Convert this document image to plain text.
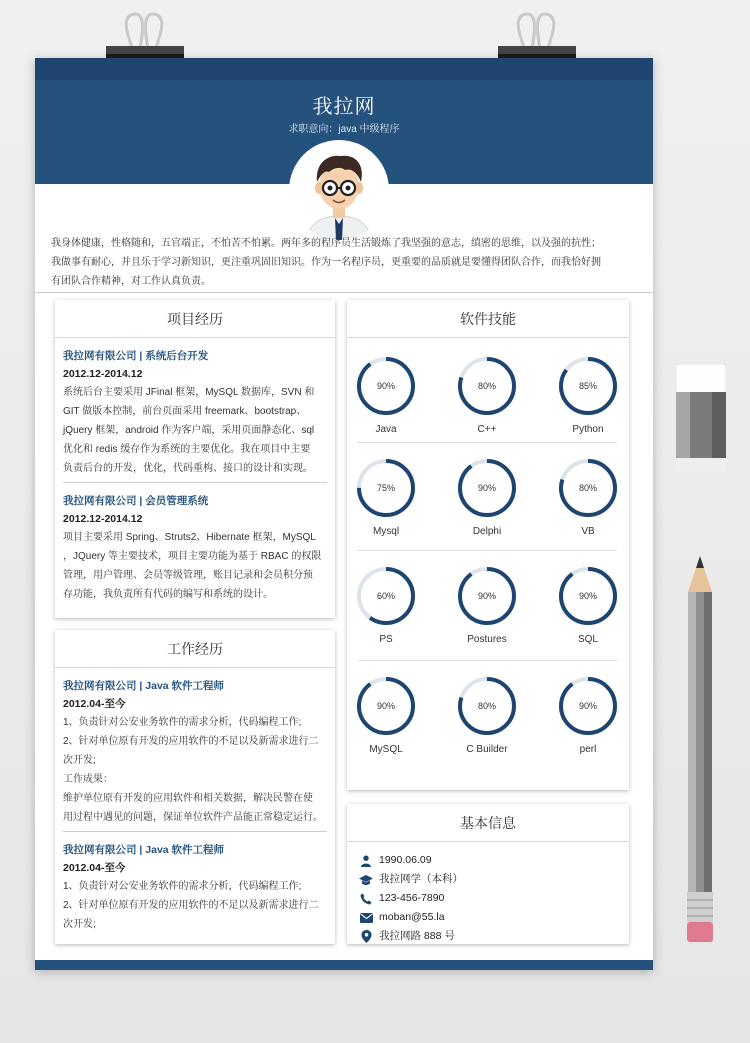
我拉网
求职意向：java 中级程序
我身体健康，性格随和，五官端正，不怕苦不怕累。两年多的程序员生活锻炼了我坚强的意志，缜密的思维，以及强的抗性；
我做事有耐心，并且乐于学习新知识，更注重巩固旧知识。作为一名程序员，更重要的品质就是要懂得团队合作，而我恰好拥
有团队合作精神，对工作认真负责。
项目经历
我拉网有限公司 | 系统后台开发
2012.12-2014.12
系统后台主要采用 JFinal 框架，MySQL 数据库，SVN 和
GIT 做版本控制，前台页面采用 freemark、bootstrap、
jQuery 框架，android 作为客户端，采用页面静态化、sql
优化和 redis 缓存作为系统的主要优化。我在项目中主要
负责后台的开发，优化，代码重构、接口的设计和实现。
我拉网有限公司 | 会员管理系统
2012.12-2014.12
项目主要采用 Spring、Struts2、Hibernate 框架，MySQL
，JQuery 等主要技术，项目主要功能为基于 RBAC 的权限
管理，用户管理、会员等级管理，账目记录和会员积分预
存功能，我负责所有代码的编写和系统的设计。
工作经历
我拉网有限公司 | Java 软件工程师
2012.04-至今
1、负责针对公安业务软件的需求分析，代码编程工作;
2、针对单位原有开发的应用软件的不足以及新需求进行二
次开发;
工作成果：
维护单位原有开发的应用软件和相关数据，解决民警在使
用过程中遇见的问题，保证单位软件产品能正常稳定运行。
我拉网有限公司 | Java 软件工程师
2012.04-至今
1、负责针对公安业务软件的需求分析，代码编程工作;
2、针对单位原有开发的应用软件的不足以及新需求进行二
次开发;
软件技能
90%
Java
80%
C++
85%
Python
75%
Mysql
90%
Delphi
80%
VB
60%
PS
90%
Postures
90%
SQL
90%
MySQL
80%
C Builder
90%
perl
基本信息
1990.06.09
我拉网学（本科）
123-456-7890
moban@55.la
我拉网路 888 号
